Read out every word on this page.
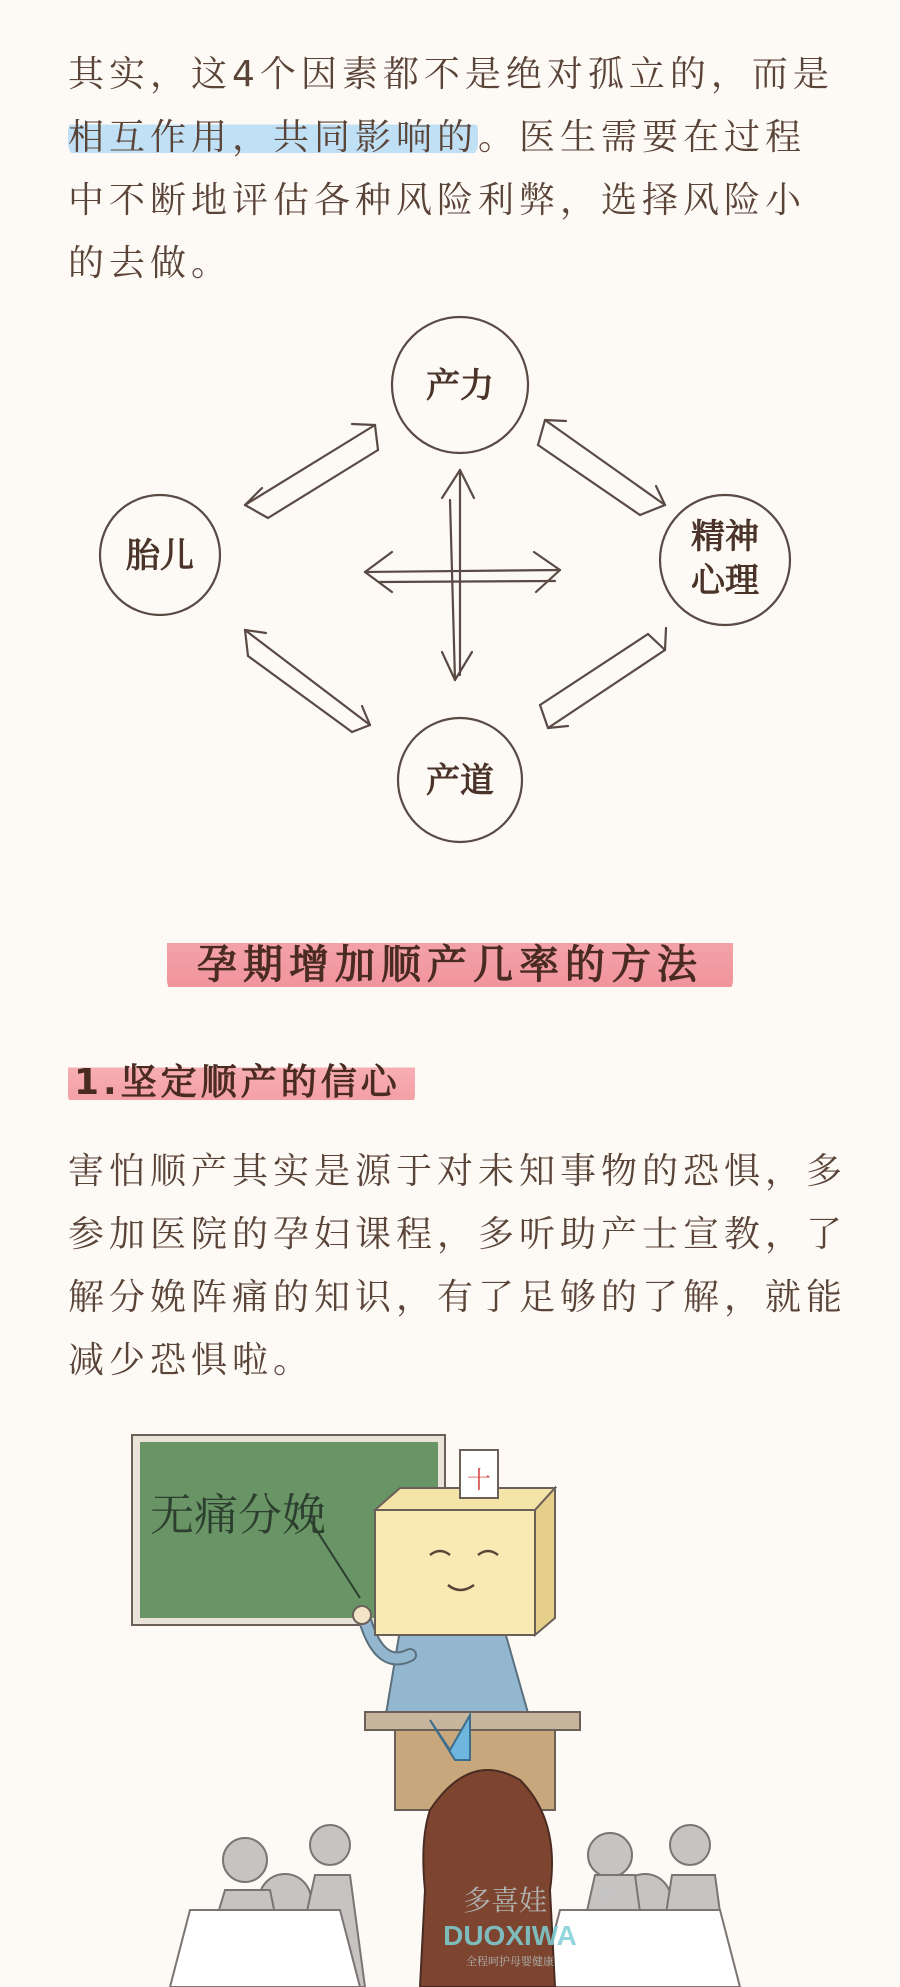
其实，这4个因素都不是绝对孤立的，而是

相互作用，共同影响的。医生需要在过程

中不断地评估各种风险利弊，选择风险小

的去做。

产力
胎儿	精神
心理
产道
孕期增加顺产几率的方法
1.坚定顺产的信心

害怕顺产其实是源于对未知事物的恐惧，多

参加医院的孕妇课程，多听助产士宣教，了

解分娩阵痛的知识，有了足够的了解，就能

减少恐惧啦。

无痛分娩
十
多喜娃
DUOXIWA
全程呵护母婴健康
®
